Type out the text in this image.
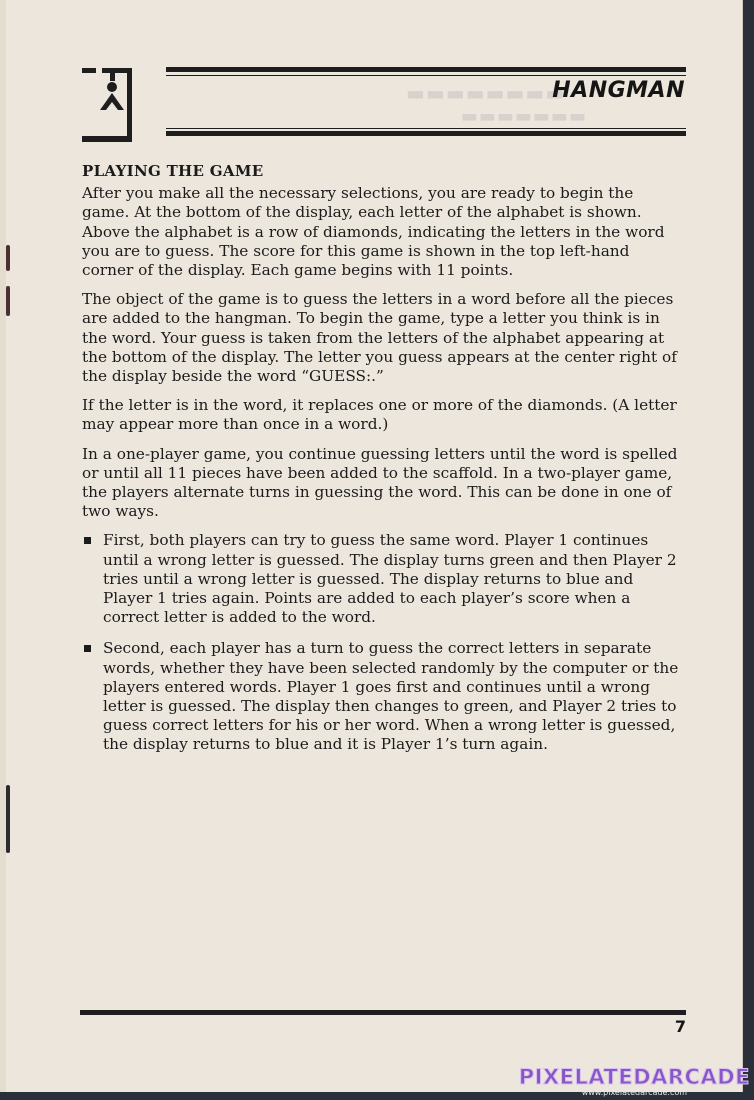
▬▬▬▬▬▬▬▬
▬▬▬▬▬▬▬
HANGMAN
PLAYING THE GAME

After you make all the necessary selections, you are ready to begin the game. At the bottom of the display, each letter of the alphabet is shown. Above the alphabet is a row of diamonds, indicating the letters in the word you are to guess. The score for this game is shown in the top left-hand corner of the display. Each game begins with 11 points.

The object of the game is to guess the letters in a word before all the pieces are added to the hangman. To begin the game, type a letter you think is in the word. Your guess is taken from the letters of the alphabet appearing at the bottom of the display. The letter you guess appears at the center right of the display beside the word “GUESS:.”

If the letter is in the word, it replaces one or more of the diamonds. (A letter may appear more than once in a word.)

In a one-player game, you continue guessing letters until the word is spelled or until all 11 pieces have been added to the scaffold. In a two-player game, the players alternate turns in guessing the word. This can be done in one of two ways.

First, both players can try to guess the same word. Player 1 continues until a wrong letter is guessed. The display turns green and then Player 2 tries until a wrong letter is guessed. The display returns to blue and Player 1 tries again. Points are added to each player’s score when a correct letter is added to the word.
Second, each player has a turn to guess the correct letters in separate words, whether they have been selected randomly by the computer or the players entered words. Player 1 goes first and continues until a wrong letter is guessed. The display then changes to green, and Player 2 tries to guess correct letters for his or her word. When a wrong letter is guessed, the display returns to blue and it is Player 1’s turn again.
7
PIXELATEDARCADE
www.pixelatedarcade.com
